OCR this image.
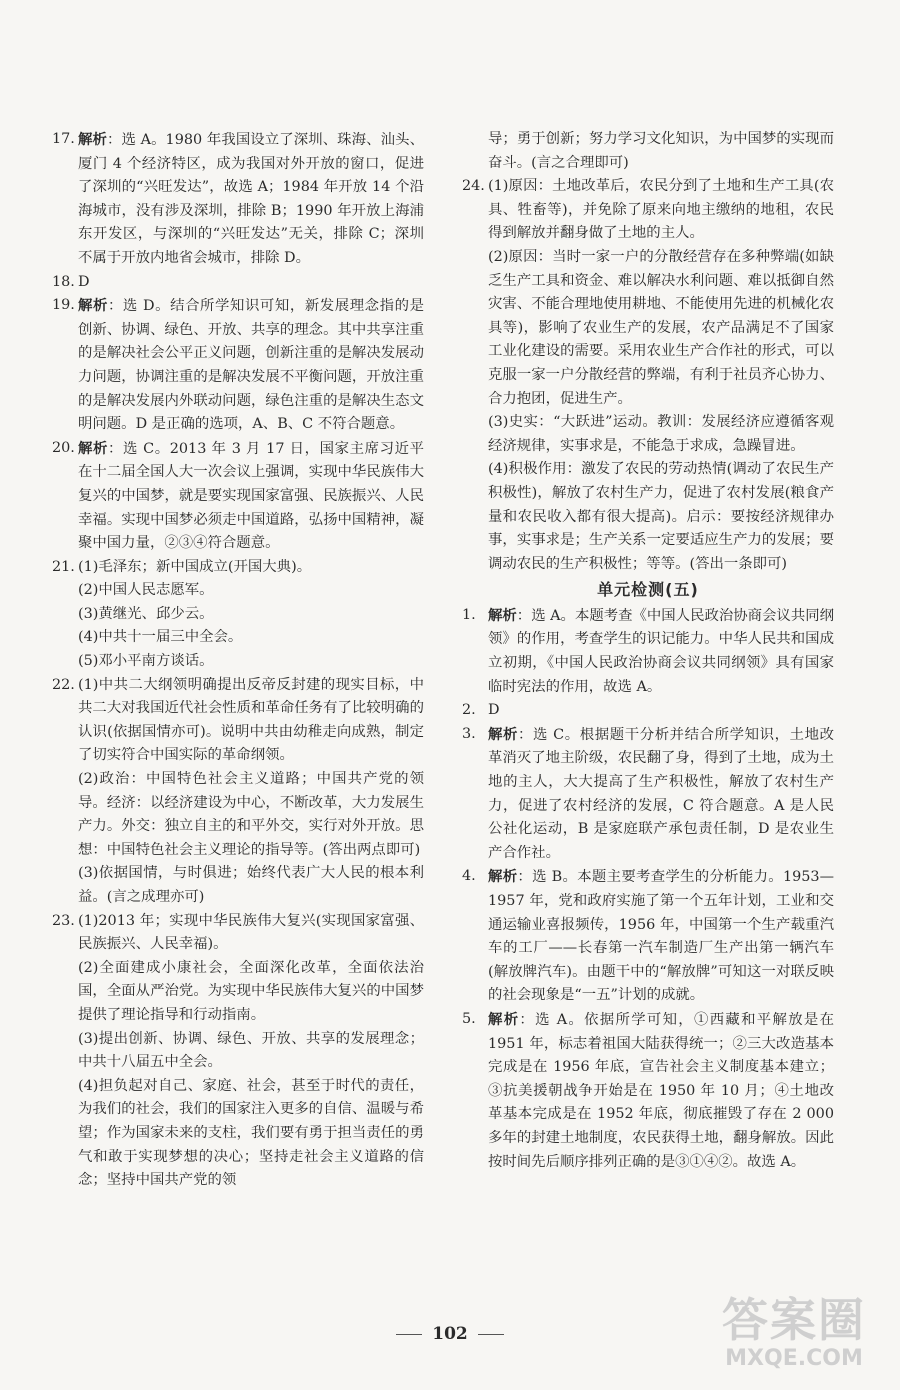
17. 解析：选 A。1980 年我国设立了深圳、珠海、汕头、厦门 4 个经济特区，成为我国对外开放的窗口，促进了深圳的“兴旺发达”，故选 A；1984 年开放 14 个沿海城市，没有涉及深圳，排除 B；1990 年开放上海浦东开发区，与深圳的“兴旺发达”无关，排除 C；深圳不属于开放内地省会城市，排除 D。

18. D

19. 解析：选 D。结合所学知识可知，新发展理念指的是创新、协调、绿色、开放、共享的理念。其中共享注重的是解决社会公平正义问题，创新注重的是解决发展动力问题，协调注重的是解决发展不平衡问题，开放注重的是解决发展内外联动问题，绿色注重的是解决生态文明问题。D 是正确的选项，A、B、C 不符合题意。

20. 解析：选 C。2013 年 3 月 17 日，国家主席习近平在十二届全国人大一次会议上强调，实现中华民族伟大复兴的中国梦，就是要实现国家富强、民族振兴、人民幸福。实现中国梦必须走中国道路，弘扬中国精神，凝聚中国力量，②③④符合题意。

21. (1)毛泽东；新中国成立(开国大典)。

(2)中国人民志愿军。

(3)黄继光、邱少云。

(4)中共十一届三中全会。

(5)邓小平南方谈话。

22. (1)中共二大纲领明确提出反帝反封建的现实目标，中共二大对我国近代社会性质和革命任务有了比较明确的认识(依据国情亦可)。说明中共由幼稚走向成熟，制定了切实符合中国实际的革命纲领。

(2)政治：中国特色社会主义道路；中国共产党的领导。经济：以经济建设为中心，不断改革，大力发展生产力。外交：独立自主的和平外交，实行对外开放。思想：中国特色社会主义理论的指导等。(答出两点即可)

(3)依据国情，与时俱进；始终代表广大人民的根本利益。(言之成理亦可)

23. (1)2013 年；实现中华民族伟大复兴(实现国家富强、民族振兴、人民幸福)。

(2)全面建成小康社会，全面深化改革，全面依法治国，全面从严治党。为实现中华民族伟大复兴的中国梦提供了理论指导和行动指南。

(3)提出创新、协调、绿色、开放、共享的发展理念；中共十八届五中全会。

(4)担负起对自己、家庭、社会，甚至于时代的责任，为我们的社会，我们的国家注入更多的自信、温暖与希望；作为国家未来的支柱，我们要有勇于担当责任的勇气和敢于实现梦想的决心；坚持走社会主义道路的信念；坚持中国共产党的领

导；勇于创新；努力学习文化知识，为中国梦的实现而奋斗。(言之合理即可)

24. (1)原因：土地改革后，农民分到了土地和生产工具(农具、牲畜等)，并免除了原来向地主缴纳的地租，农民得到解放并翻身做了土地的主人。

(2)原因：当时一家一户的分散经营存在多种弊端(如缺乏生产工具和资金、难以解决水利问题、难以抵御自然灾害、不能合理地使用耕地、不能使用先进的机械化农具等)，影响了农业生产的发展，农产品满足不了国家工业化建设的需要。采用农业生产合作社的形式，可以克服一家一户分散经营的弊端，有利于社员齐心协力、合力抱团，促进生产。

(3)史实：“大跃进”运动。教训：发展经济应遵循客观经济规律，实事求是，不能急于求成，急躁冒进。

(4)积极作用：激发了农民的劳动热情(调动了农民生产积极性)，解放了农村生产力，促进了农村发展(粮食产量和农民收入都有很大提高)。启示：要按经济规律办事，实事求是；生产关系一定要适应生产力的发展；要调动农民的生产积极性；等等。(答出一条即可)

单元检测(五)
1. 解析：选 A。本题考查《中国人民政治协商会议共同纲领》的作用，考查学生的识记能力。中华人民共和国成立初期，《中国人民政治协商会议共同纲领》具有国家临时宪法的作用，故选 A。

2. D

3. 解析：选 C。根据题干分析并结合所学知识，土地改革消灭了地主阶级，农民翻了身，得到了土地，成为土地的主人，大大提高了生产积极性，解放了农村生产力，促进了农村经济的发展，C 符合题意。A 是人民公社化运动，B 是家庭联产承包责任制，D 是农业生产合作社。

4. 解析：选 B。本题主要考查学生的分析能力。1953—1957 年，党和政府实施了第一个五年计划，工业和交通运输业喜报频传，1956 年，中国第一个生产载重汽车的工厂——长春第一汽车制造厂生产出第一辆汽车(解放牌汽车)。由题干中的“解放牌”可知这一对联反映的社会现象是“一五”计划的成就。

5. 解析：选 A。依据所学可知，①西藏和平解放是在 1951 年，标志着祖国大陆获得统一；②三大改造基本完成是在 1956 年底，宣告社会主义制度基本建立；③抗美援朝战争开始是在 1950 年 10 月；④土地改革基本完成是在 1952 年底，彻底摧毁了存在 2 000多年的封建土地制度，农民获得土地，翻身解放。因此按时间先后顺序排列正确的是③①④②。故选 A。

102	答案圈
MXQE.COM
